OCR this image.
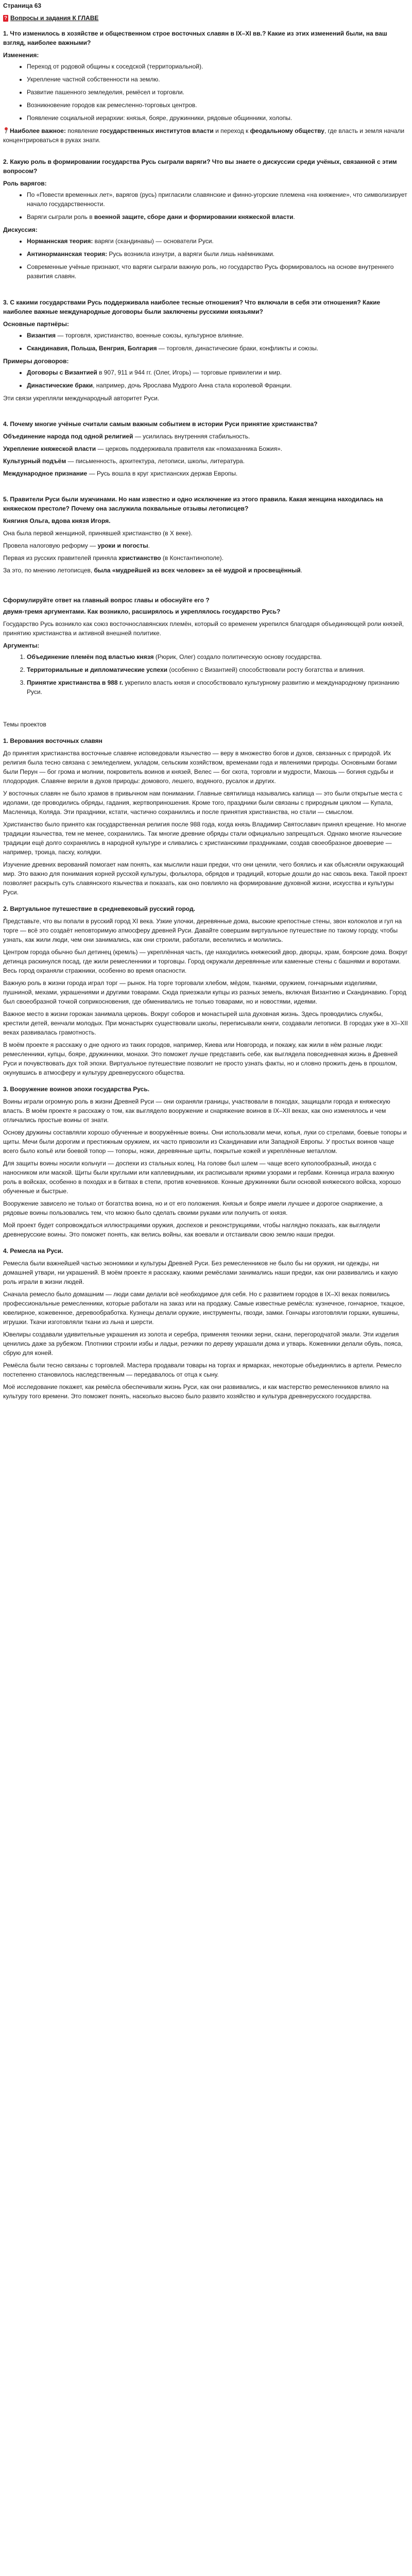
Страница 63
? Вопросы и задания К ГЛАВЕ
1. Что изменилось в хозяйстве и общественном строе восточных славян в IX–XI вв.? Какие из этих изменений были, на ваш взгляд, наиболее важными?
Изменения:
• Переход от родовой общины к соседской (территориальной).
• Укрепление частной собственности на землю.
• Развитие пашенного земледелия, ремёсел и торговли.
• Возникновение городов как ремесленно-торговых центров.
• Появление социальной иерархии: князья, бояре, дружинники, рядовые общинники, холопы.

Наиболее важное: появление государственных институтов власти и переход к феодальному обществу, где власть и земля начали концентрироваться в руках знати.

2. Какую роль в формировании государства Русь сыграли варяги? Что вы знаете о дискуссии среди учёных, связанной с этим вопросом?
Роль варягов:
• По «Повести временных лет», варягов (русь) пригласили славянские и финно-угорские племена «на княжение», что символизирует начало государственности.
• Варяги сыграли роль в военной защите, сборе дани и формировании княжеской власти.
Дискуссия:
• Норманнская теория: варяги (скандинавы) — основатели Руси.
• Антинорманнская теория: Русь возникла изнутри, а варяги были лишь наёмниками.
• Современные учёные признают, что варяги сыграли важную роль, но государство Русь формировалось на основе внутреннего развития славян.
3. С какими государствами Русь поддерживала наиболее тесные отношения? Что включали в себя эти отношения? Какие наиболее важные международные договоры были заключены русскими князьями?
Основные партнёры:
• Византия — торговля, христианство, военные союзы, культурное влияние.
• Скандинавия, Польша, Венгрия, Болгария — торговля, династические браки, конфликты и союзы.
Примеры договоров:
• Договоры с Византией в 907, 911 и 944 гг. (Олег, Игорь) — торговые привилегии и мир.
• Династические браки, например, дочь Ярослава Мудрого Анна стала королевой Франции.

Эти связи укрепляли международный авторитет Руси.

4. Почему многие учёные считали самым важным событием в истории Руси принятие христианства?

Объединение народа под одной религией — усилилась внутренняя стабильность.

Укрепление княжеской власти — церковь поддерживала правителя как «помазанника Божия».

Культурный подъём — письменность, архитектура, летописи, школы, литература.

Международное признание — Русь вошла в круг христианских держав Европы.

5. Правители Руси были мужчинами. Но нам известно и одно исключение из этого правила. Какая женщина находилась на княжеском престоле? Почему она заслужила похвальные отзывы летописцев?

Княгиня Ольга, вдова князя Игоря.

Она была первой женщиной, принявшей христианство (в X веке).

Провела налоговую реформу — уроки и погосты.

Первая из русских правителей приняла христианство (в Константинополе).

За это, по мнению летописцев, была «мудрейшей из всех человек» за её мудрой и просвещённый.

Сформулируйте ответ на главный вопрос главы и обоснуйте его ?
двумя-тремя аргументами. Как возникло, расширялось и укреплялось государство Русь?

Государство Русь возникло как союз восточнославянских племён, который со временем укрепился благодаря объединяющей роли князей, принятию христианства и активной внешней политике.

Аргументы:
1. Объединение племён под властью князя (Рюрик, Олег) создало политическую основу государства.
2. Территориальные и дипломатические успехи (особенно с Византией) способствовали росту богатства и влияния.
3. Принятие христианства в 988 г. укрепило власть князя и способствовало культурному развитию и международному признанию Руси.
Темы проектов
1. Верования восточных славян

До принятия христианства восточные славяне исповедовали язычество — веру в множество богов и духов, связанных с природой. Их религия была тесно связана с земледелием, укладом, сельским хозяйством, временами года и явлениями природы. Основными богами были Перун — бог грома и молнии, покровитель воинов и князей, Велес — бог скота, торговли и мудрости, Макошь — богиня судьбы и плодородия. Славяне верили в духов природы: домового, лешего, водяного, русалок и других.

У восточных славян не было храмов в привычном нам понимании. Главные святилища назывались капища — это были открытые места с идолами, где проводились обряды, гадания, жертвоприношения. Кроме того, праздники были связаны с природным циклом — Купала, Масленица, Коляда. Эти праздники, кстати, частично сохранились и после принятия христианства, но стали — смыслом.

Христианство было принято как государственная религия после 988 года, когда князь Владимир Святославич принял крещение. Но многие традиции язычества, тем не менее, сохранились. Так многие древние обряды стали официально запрещаться. Однако многие языческие традиции ещё долго сохранялись в народной культуре и сливались с христианскими праздниками, создав своеобразное двоеверие — например, троица, пасху, колядки.

Изучение древних верований помогает нам понять, как мыслили наши предки, что они ценили, чего боялись и как объясняли окружающий мир. Это важно для понимания корней русской культуры, фольклора, обрядов и традиций, которые дошли до нас сквозь века. Такой проект позволяет раскрыть суть славянского язычества и показать, как оно повлияло на формирование духовной жизни, искусства и культуры Руси.

2. Виртуальное путешествие в средневековый русский город.

Представьте, что вы попали в русский город XI века. Узкие улочки, деревянные дома, высокие крепостные стены, звон колоколов и гул на торге — всё это создаёт неповторимую атмосферу древней Руси. Давайте совершим виртуальное путешествие по такому городу, чтобы узнать, как жили люди, чем они занимались, как они строили, работали, веселились и молились.

Центром города обычно был детинец (кремль) — укреплённая часть, где находились княжеский двор, дворцы, храм, боярские дома. Вокруг детинца раскинулся посад, где жили ремесленники и торговцы. Город окружали деревянные или каменные стены с башнями и воротами. Весь город охраняли стражники, особенно во время опасности.

Важную роль в жизни города играл торг — рынок. На торге торговали хлебом, мёдом, тканями, оружием, гончарными изделиями, пушниной, мехами, украшениями и другими товарами. Сюда приезжали купцы из разных земель, включая Византию и Скандинавию. Город был своеобразной точкой соприкосновения, где обменивались не только товарами, но и новостями, идеями.

Важное место в жизни горожан занимала церковь. Вокруг соборов и монастырей шла духовная жизнь. Здесь проводились службы, крестили детей, венчали молодых. При монастырях существовали школы, переписывали книги, создавали летописи. В городах уже в XI–XII веках развивалась грамотность.

В моём проекте я расскажу о дне одного из таких городов, например, Киева или Новгорода, и покажу, как жили в нём разные люди: ремесленники, купцы, бояре, дружинники, монахи. Это поможет лучше представить себе, как выглядела повседневная жизнь в Древней Руси и почувствовать дух той эпохи. Виртуальное путешествие позволит не просто узнать факты, но и словно прожить день в прошлом, окунувшись в атмосферу и культуру древнерусского общества.

3. Вооружение воинов эпохи государства Русь.

Воины играли огромную роль в жизни Древней Руси — они охраняли границы, участвовали в походах, защищали города и княжескую власть. В моём проекте я расскажу о том, как выглядело вооружение и снаряжение воинов в IX–XII веках, как оно изменялось и чем отличались простые воины от знати.

Основу дружины составляли хорошо обученные и вооружённые воины. Они использовали мечи, копья, луки со стрелами, боевые топоры и щиты. Мечи были дорогим и престижным оружием, их часто привозили из Скандинавии или Западной Европы. У простых воинов чаще всего было копьё или боевой топор — топоры, ножи, деревянные щиты, покрытые кожей и укреплённые металлом.

Для защиты воины носили кольчуги — доспехи из стальных колец. На голове был шлем — чаще всего куполообразный, иногда с наносником или маской. Щиты были круглыми или каплевидными, их расписывали яркими узорами и гербами. Конница играла важную роль в войсках, особенно в походах и в битвах в степи, против кочевников. Конные дружинники были основой княжеского войска, хорошо обученные и быстрые.

Вооружение зависело не только от богатства воина, но и от его положения. Князья и бояре имели лучшее и дорогое снаряжение, а рядовые воины пользовались тем, что можно было сделать своими руками или получить от князя.

Мой проект будет сопровождаться иллюстрациями оружия, доспехов и реконструкциями, чтобы наглядно показать, как выглядели древнерусские воины. Это поможет понять, как велись войны, как воевали и отстаивали свою землю наши предки.

4. Ремесла на Руси.

Ремесла были важнейшей частью экономики и культуры Древней Руси. Без ремесленников не было бы ни оружия, ни одежды, ни домашней утвари, ни украшений. В моём проекте я расскажу, какими ремёслами занимались наши предки, как они развивались и какую роль играли в жизни людей.

Сначала ремесло было домашним — люди сами делали всё необходимое для себя. Но с развитием городов в IX–XI веках появились профессиональные ремесленники, которые работали на заказ или на продажу. Самые известные ремёсла: кузнечное, гончарное, ткацкое, ювелирное, кожевенное, деревообработка. Кузнецы делали оружие, инструменты, гвозди, замки. Гончары изготовляли горшки, кувшины, игрушки. Ткачи изготовляли ткани из льна и шерсти.

Ювелиры создавали удивительные украшения из золота и серебра, применяя техники зерни, скани, перегородчатой эмали. Эти изделия ценились даже за рубежом. Плотники строили избы и ладьи, резчики по дереву украшали дома и утварь. Кожевники делали обувь, пояса, сбрую для коней.

Ремёсла были тесно связаны с торговлей. Мастера продавали товары на торгах и ярмарках, некоторые объединялись в артели. Ремесло постепенно становилось наследственным — передавалось от отца к сыну.

Моё исследование покажет, как ремёсла обеспечивали жизнь Руси, как они развивались, и как мастерство ремесленников влияло на культуру того времени. Это поможет понять, насколько высоко было развито хозяйство и культура древнерусского государства.
